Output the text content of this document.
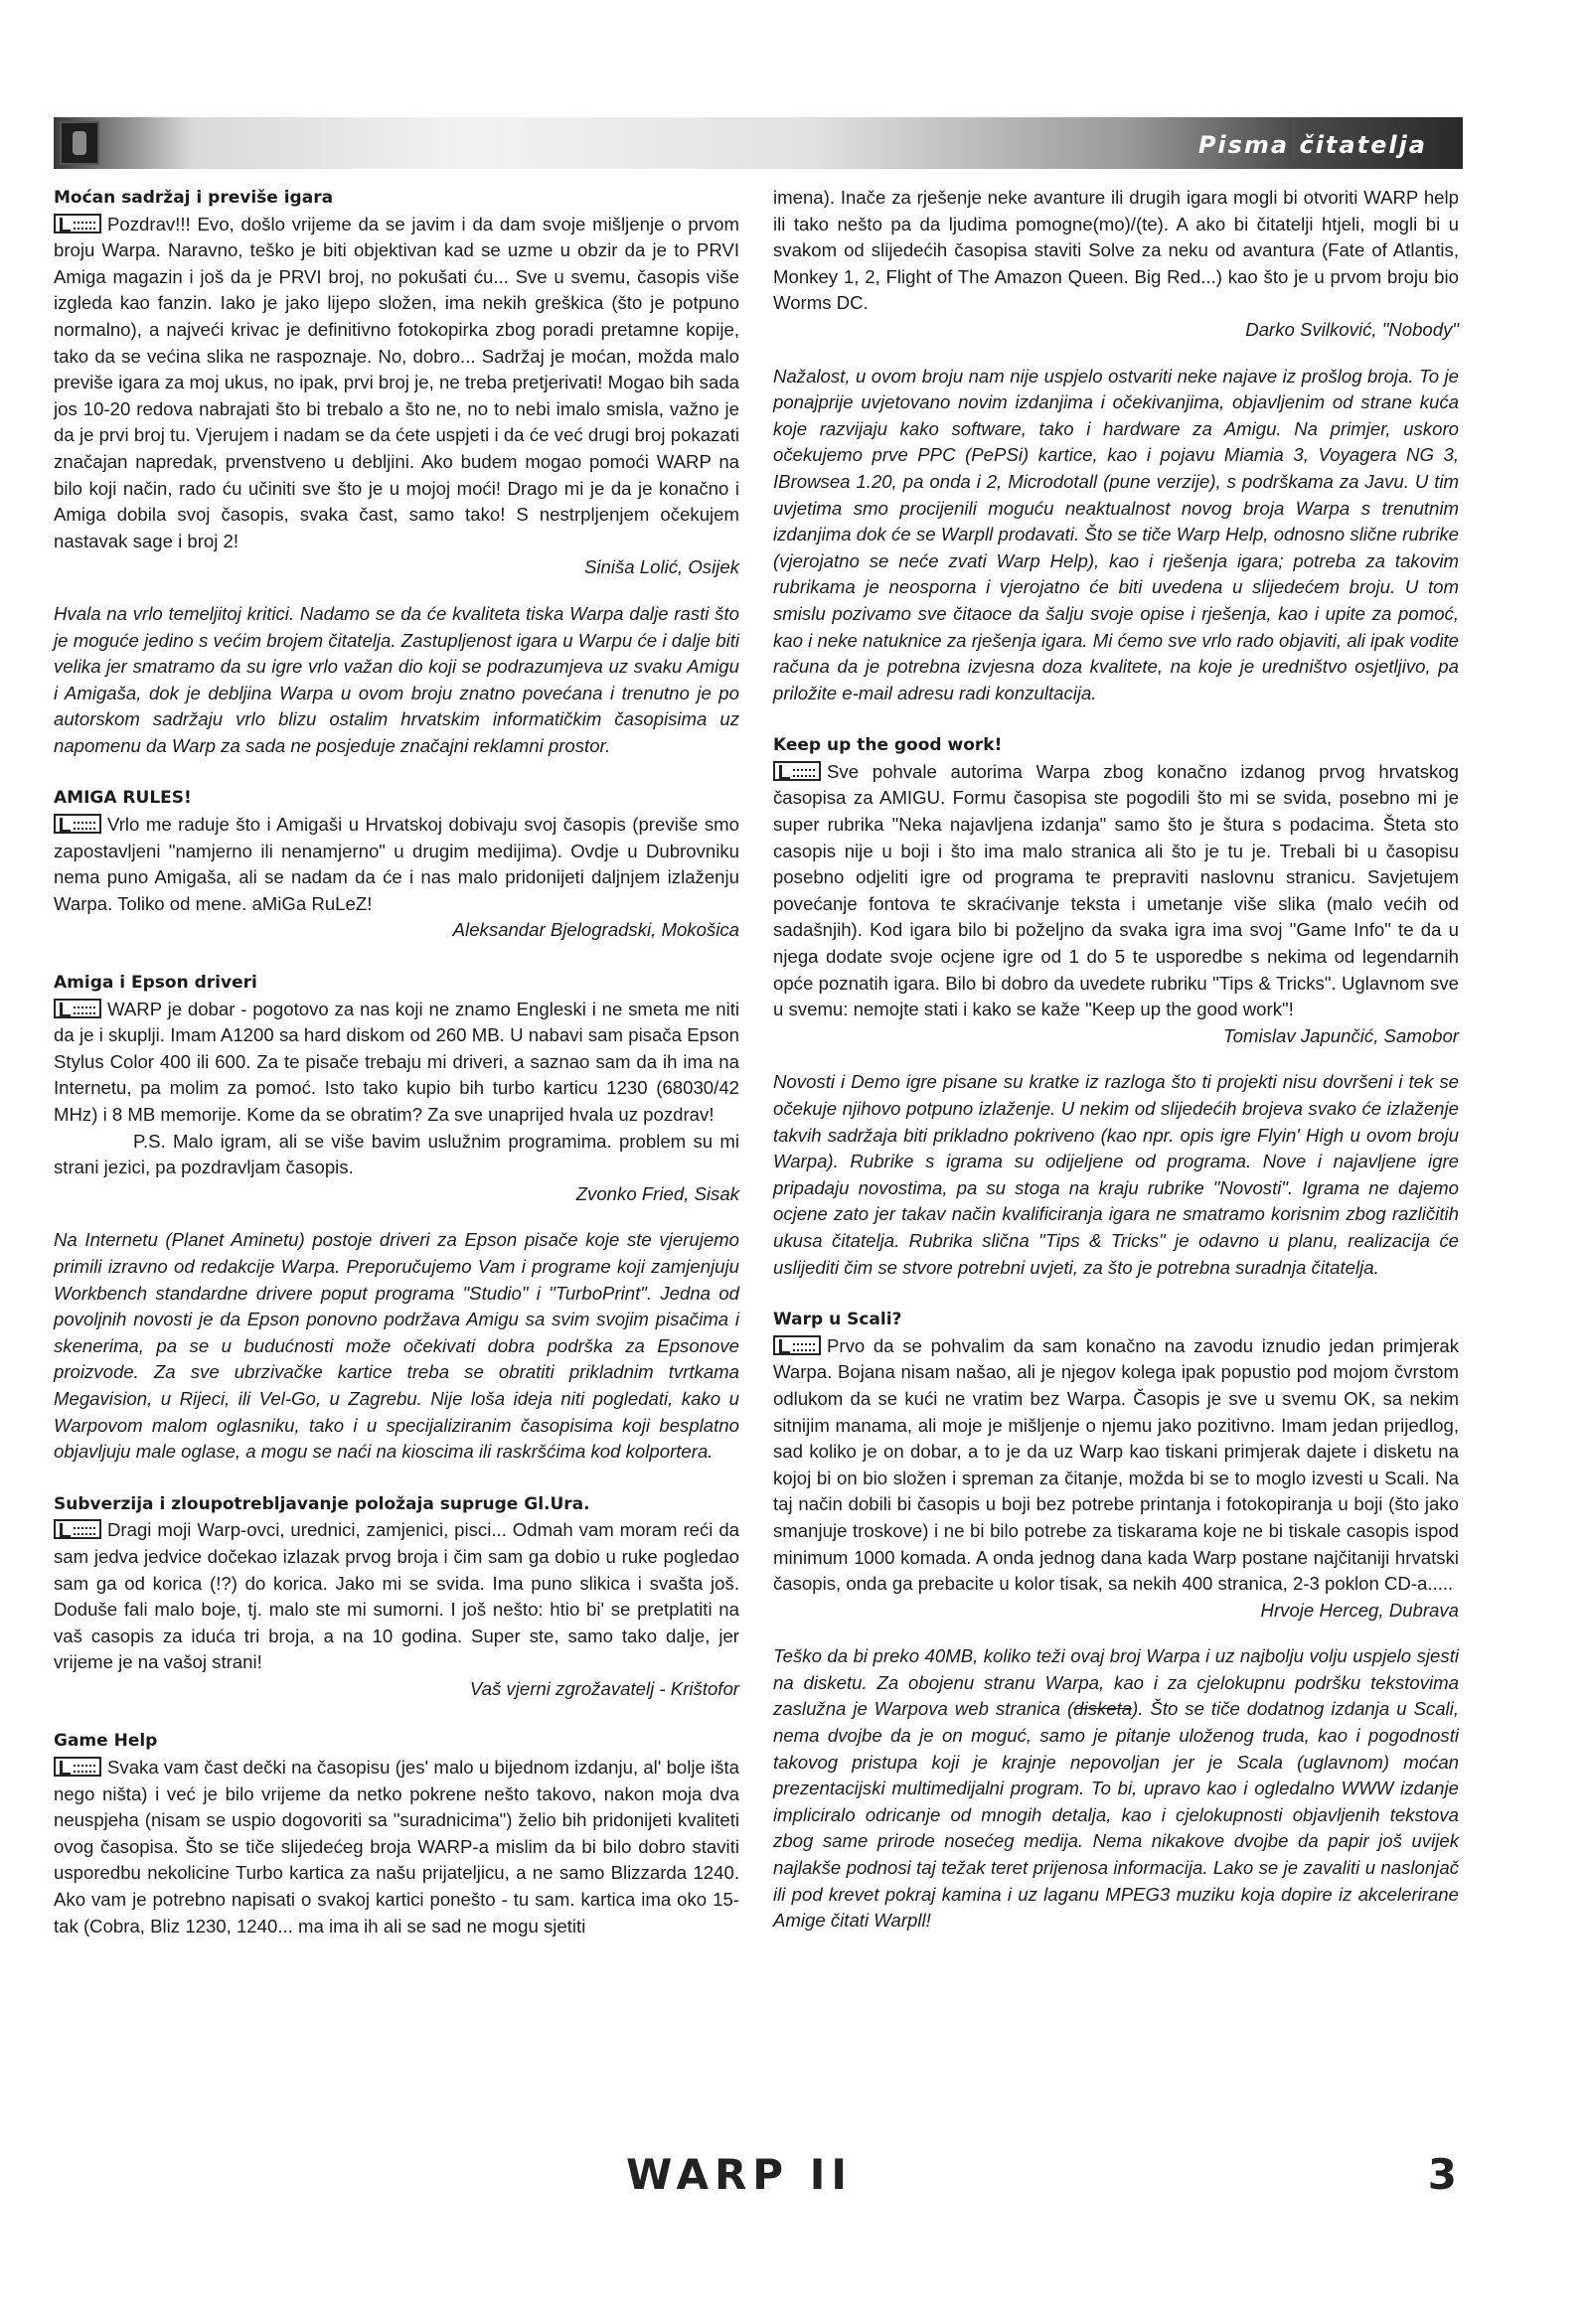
Pisma čitatelja
Moćan sadržaj i previše igara

Pozdrav!!! Evo, došlo vrijeme da se javim i da dam svoje mišljenje o prvom broju Warpa. Naravno, teško je biti objektivan kad se uzme u obzir da je to PRVI Amiga magazin i još da je PRVI broj, no pokušati ću... Sve u svemu, časopis više izgleda kao fanzin. Iako je jako lijepo složen, ima nekih greškica (što je potpuno normalno), a najveći krivac je definitivno fotokopirka zbog poradi pretamne kopije, tako da se većina slika ne raspoznaje. No, dobro... Sadržaj je moćan, možda malo previše igara za moj ukus, no ipak, prvi broj je, ne treba pretjerivati! Mogao bih sada jos 10-20 redova nabrajati što bi trebalo a što ne, no to nebi imalo smisla, važno je da je prvi broj tu. Vjerujem i nadam se da ćete uspjeti i da će već drugi broj pokazati značajan napredak, prvenstveno u debljini. Ako budem mogao pomoći WARP na bilo koji način, rado ću učiniti sve što je u mojoj moći! Drago mi je da je konačno i Amiga dobila svoj časopis, svaka čast, samo tako! S nestrpljenjem očekujem nastavak sage i broj 2!

Siniša Lolić, Osijek

Hvala na vrlo temeljitoj kritici. Nadamo se da će kvaliteta tiska Warpa dalje rasti što je moguće jedino s većim brojem čitatelja. Zastupljenost igara u Warpu će i dalje biti velika jer smatramo da su igre vrlo važan dio koji se podrazumjeva uz svaku Amigu i Amigaša, dok je debljina Warpa u ovom broju znatno povećana i trenutno je po autorskom sadržaju vrlo blizu ostalim hrvatskim informatičkim časopisima uz napomenu da Warp za sada ne posjeduje značajni reklamni prostor.

AMIGA RULES!

Vrlo me raduje što i Amigaši u Hrvatskoj dobivaju svoj časopis (previše smo zapostavljeni "namjerno ili nenamjerno" u drugim medijima). Ovdje u Dubrovniku nema puno Amigaša, ali se nadam da će i nas malo pridonijeti daljnjem izlaženju Warpa. Toliko od mene. aMiGa RuLeZ!

Aleksandar Bjelogradski, Mokošica

Amiga i Epson driveri

WARP je dobar - pogotovo za nas koji ne znamo Engleski i ne smeta me niti da je i skuplji. Imam A1200 sa hard diskom od 260 MB. U nabavi sam pisača Epson Stylus Color 400 ili 600. Za te pisače trebaju mi driveri, a saznao sam da ih ima na Internetu, pa molim za pomoć. Isto tako kupio bih turbo karticu 1230 (68030/42 MHz) i 8 MB memorije. Kome da se obratim? Za sve unaprijed hvala uz pozdrav!

P.S. Malo igram, ali se više bavim uslužnim programima. problem su mi strani jezici, pa pozdravljam časopis.

Zvonko Fried, Sisak

Na Internetu (Planet Aminetu) postoje driveri za Epson pisače koje ste vjerujemo primili izravno od redakcije Warpa. Preporučujemo Vam i programe koji zamjenjuju Workbench standardne drivere poput programa "Studio" i "TurboPrint". Jedna od povoljnih novosti je da Epson ponovno podržava Amigu sa svim svojim pisačima i skenerima, pa se u budućnosti može očekivati dobra podrška za Epsonove proizvode. Za sve ubrzivačke kartice treba se obratiti prikladnim tvrtkama Megavision, u Rijeci, ili Vel-Go, u Zagrebu. Nije loša ideja niti pogledati, kako u Warpovom malom oglasniku, tako i u specijaliziranim časopisima koji besplatno objavljuju male oglase, a mogu se naći na kioscima ili raskršćima kod kolportera.

Subverzija i zloupotrebljavanje položaja supruge Gl.Ura.

Dragi moji Warp-ovci, urednici, zamjenici, pisci... Odmah vam moram reći da sam jedva jedvice dočekao izlazak prvog broja i čim sam ga dobio u ruke pogledao sam ga od korica (!?) do korica. Jako mi se svida. Ima puno slikica i svašta još. Doduše fali malo boje, tj. malo ste mi sumorni. I još nešto: htio bi' se pretplatiti na vaš casopis za iduća tri broja, a na 10 godina. Super ste, samo tako dalje, jer vrijeme je na vašoj strani!

Vaš vjerni zgrožavatelj - Krištofor

Game Help

Svaka vam čast dečki na časopisu (jes' malo u bijednom izdanju, al' bolje išta nego ništa) i već je bilo vrijeme da netko pokrene nešto takovo, nakon moja dva neuspjeha (nisam se uspio dogovoriti sa "suradnicima") želio bih pridonijeti kvaliteti ovog časopisa. Što se tiče slijedećeg broja WARP-a mislim da bi bilo dobro staviti usporedbu nekolicine Turbo kartica za našu prijateljicu, a ne samo Blizzarda 1240. Ako vam je potrebno napisati o svakoj kartici ponešto - tu sam. kartica ima oko 15-tak (Cobra, Bliz 1230, 1240... ma ima ih ali se sad ne mogu sjetiti

imena). Inače za rješenje neke avanture ili drugih igara mogli bi otvoriti WARP help ili tako nešto pa da ljudima pomogne(mo)/(te). A ako bi čitatelji htjeli, mogli bi u svakom od slijedećih časopisa staviti Solve za neku od avantura (Fate of Atlantis, Monkey 1, 2, Flight of The Amazon Queen. Big Red...) kao što je u prvom broju bio Worms DC.

Darko Svilković, "Nobody"

Nažalost, u ovom broju nam nije uspjelo ostvariti neke najave iz prošlog broja. To je ponajprije uvjetovano novim izdanjima i očekivanjima, objavljenim od strane kuća koje razvijaju kako software, tako i hardware za Amigu. Na primjer, uskoro očekujemo prve PPC (PePSi) kartice, kao i pojavu Miamia 3, Voyagera NG 3, IBrowsea 1.20, pa onda i 2, Microdotall (pune verzije), s podrškama za Javu. U tim uvjetima smo procijenili moguću neaktualnost novog broja Warpa s trenutnim izdanjima dok će se Warpll prodavati. Što se tiče Warp Help, odnosno slične rubrike (vjerojatno se neće zvati Warp Help), kao i rješenja igara; potreba za takovim rubrikama je neosporna i vjerojatno će biti uvedena u slijedećem broju. U tom smislu pozivamo sve čitaoce da šalju svoje opise i rješenja, kao i upite za pomoć, kao i neke natuknice za rješenja igara. Mi ćemo sve vrlo rado objaviti, ali ipak vodite računa da je potrebna izvjesna doza kvalitete, na koje je uredništvo osjetljivo, pa priložite e-mail adresu radi konzultacija.

Keep up the good work!

Sve pohvale autorima Warpa zbog konačno izdanog prvog hrvatskog časopisa za AMIGU. Formu časopisa ste pogodili što mi se svida, posebno mi je super rubrika "Neka najavljena izdanja" samo što je štura s podacima. Šteta sto casopis nije u boji i što ima malo stranica ali što je tu je. Trebali bi u časopisu posebno odjeliti igre od programa te prepraviti naslovnu stranicu. Savjetujem povećanje fontova te skraćivanje teksta i umetanje više slika (malo većih od sadašnjih). Kod igara bilo bi poželjno da svaka igra ima svoj "Game Info" te da u njega dodate svoje ocjene igre od 1 do 5 te usporedbe s nekima od legendarnih opće poznatih igara. Bilo bi dobro da uvedete rubriku "Tips & Tricks". Uglavnom sve u svemu: nemojte stati i kako se kaže "Keep up the good work"!

Tomislav Japunčić, Samobor

Novosti i Demo igre pisane su kratke iz razloga što ti projekti nisu dovršeni i tek se očekuje njihovo potpuno izlaženje. U nekim od slijedećih brojeva svako će izlaženje takvih sadržaja biti prikladno pokriveno (kao npr. opis igre Flyin' High u ovom broju Warpa). Rubrike s igrama su odijeljene od programa. Nove i najavljene igre pripadaju novostima, pa su stoga na kraju rubrike "Novosti". Igrama ne dajemo ocjene zato jer takav način kvalificiranja igara ne smatramo korisnim zbog različitih ukusa čitatelja. Rubrika slična "Tips & Tricks" je odavno u planu, realizacija će uslijediti čim se stvore potrebni uvjeti, za što je potrebna suradnja čitatelja.

Warp u Scali?

Prvo da se pohvalim da sam konačno na zavodu iznudio jedan primjerak Warpa. Bojana nisam našao, ali je njegov kolega ipak popustio pod mojom čvrstom odlukom da se kući ne vratim bez Warpa. Časopis je sve u svemu OK, sa nekim sitnijim manama, ali moje je mišljenje o njemu jako pozitivno. Imam jedan prijedlog, sad koliko je on dobar, a to je da uz Warp kao tiskani primjerak dajete i disketu na kojoj bi on bio složen i spreman za čitanje, možda bi se to moglo izvesti u Scali. Na taj način dobili bi časopis u boji bez potrebe printanja i fotokopiranja u boji (što jako smanjuje troskove) i ne bi bilo potrebe za tiskarama koje ne bi tiskale casopis ispod minimum 1000 komada. A onda jednog dana kada Warp postane najčitaniji hrvatski časopis, onda ga prebacite u kolor tisak, sa nekih 400 stranica, 2-3 poklon CD-a.....

Hrvoje Herceg, Dubrava

Teško da bi preko 40MB, koliko teži ovaj broj Warpa i uz najbolju volju uspjelo sjesti na disketu. Za obojenu stranu Warpa, kao i za cjelokupnu podršku tekstovima zaslužna je Warpova web stranica (disketa). Što se tiče dodatnog izdanja u Scali, nema dvojbe da je on moguć, samo je pitanje uloženog truda, kao i pogodnosti takovog pristupa koji je krajnje nepovoljan jer je Scala (uglavnom) moćan prezentacijski multimedijalni program. To bi, upravo kao i ogledalno WWW izdanje impliciralo odricanje od mnogih detalja, kao i cjelokupnosti objavljenih tekstova zbog same prirode nosećeg medija. Nema nikakove dvojbe da papir još uvijek najlakše podnosi taj težak teret prijenosa informacija. Lako se je zavaliti u naslonjač ili pod krevet pokraj kamina i uz laganu MPEG3 muziku koja dopire iz akcelerirane Amige čitati Warpll!

WARP II	3
